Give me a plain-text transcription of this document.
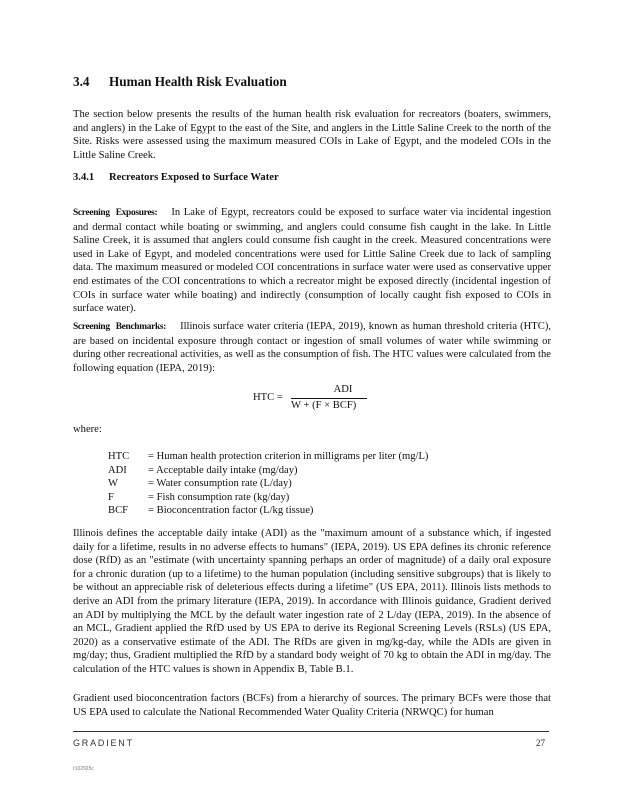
3.4 Human Health Risk Evaluation
The section below presents the results of the human health risk evaluation for recreators (boaters, swimmers, and anglers) in the Lake of Egypt to the east of the Site, and anglers in the Little Saline Creek to the north of the Site. Risks were assessed using the maximum measured COIs in Lake of Egypt, and the modeled COIs in the Little Saline Creek.
3.4.1 Recreators Exposed to Surface Water
Screening Exposures: In Lake of Egypt, recreators could be exposed to surface water via incidental ingestion and dermal contact while boating or swimming, and anglers could consume fish caught in the lake. In Little Saline Creek, it is assumed that anglers could consume fish caught in the creek. Measured concentrations were used in Lake of Egypt, and modeled concentrations were used for Little Saline Creek due to lack of sampling data. The maximum measured or modeled COI concentrations in surface water were used as conservative upper end estimates of the COI concentrations to which a recreator might be exposed directly (incidental ingestion of COIs in surface water while boating) and indirectly (consumption of locally caught fish exposed to COIs in surface water).
Screening Benchmarks: Illinois surface water criteria (IEPA, 2019), known as human threshold criteria (HTC), are based on incidental exposure through contact or ingestion of small volumes of water while swimming or during other recreational activities, as well as the consumption of fish. The HTC values were calculated from the following equation (IEPA, 2019):
HTC =
ADI
W + (F × BCF)
where:
HTC = Human health protection criterion in milligrams per liter (mg/L)
ADI = Acceptable daily intake (mg/day)
W	= Water consumption rate (L/day)
F	= Fish consumption rate (kg/day)
BCF = Bioconcentration factor (L/kg tissue)
Illinois defines the acceptable daily intake (ADI) as the "maximum amount of a substance which, if ingested daily for a lifetime, results in no adverse effects to humans" (IEPA, 2019). US EPA defines its chronic reference dose (RfD) as an "estimate (with uncertainty spanning perhaps an order of magnitude) of a daily oral exposure for a chronic duration (up to a lifetime) to the human population (including sensitive subgroups) that is likely to be without an appreciable risk of deleterious effects during a lifetime" (US EPA, 2011). Illinois lists methods to derive an ADI from the primary literature (IEPA, 2019). In accordance with Illinois guidance, Gradient derived an ADI by multiplying the MCL by the default water ingestion rate of 2 L/day (IEPA, 2019). In the absence of an MCL, Gradient applied the RfD used by US EPA to derive its Regional Screening Levels (RSLs) (US EPA, 2020) as a conservative estimate of the ADI. The RfDs are given in mg/kg-day, while the ADIs are given in mg/day; thus, Gradient multiplied the RfD by a standard body weight of 70 kg to obtain the ADI in mg/day. The calculation of the HTC values is shown in Appendix B, Table B.1.
Gradient used bioconcentration factors (BCFs) from a hierarchy of sources. The primary BCFs were those that US EPA used to calculate the National Recommended Water Quality Criteria (NRWQC) for human
GRADIENT	27
r102925c
